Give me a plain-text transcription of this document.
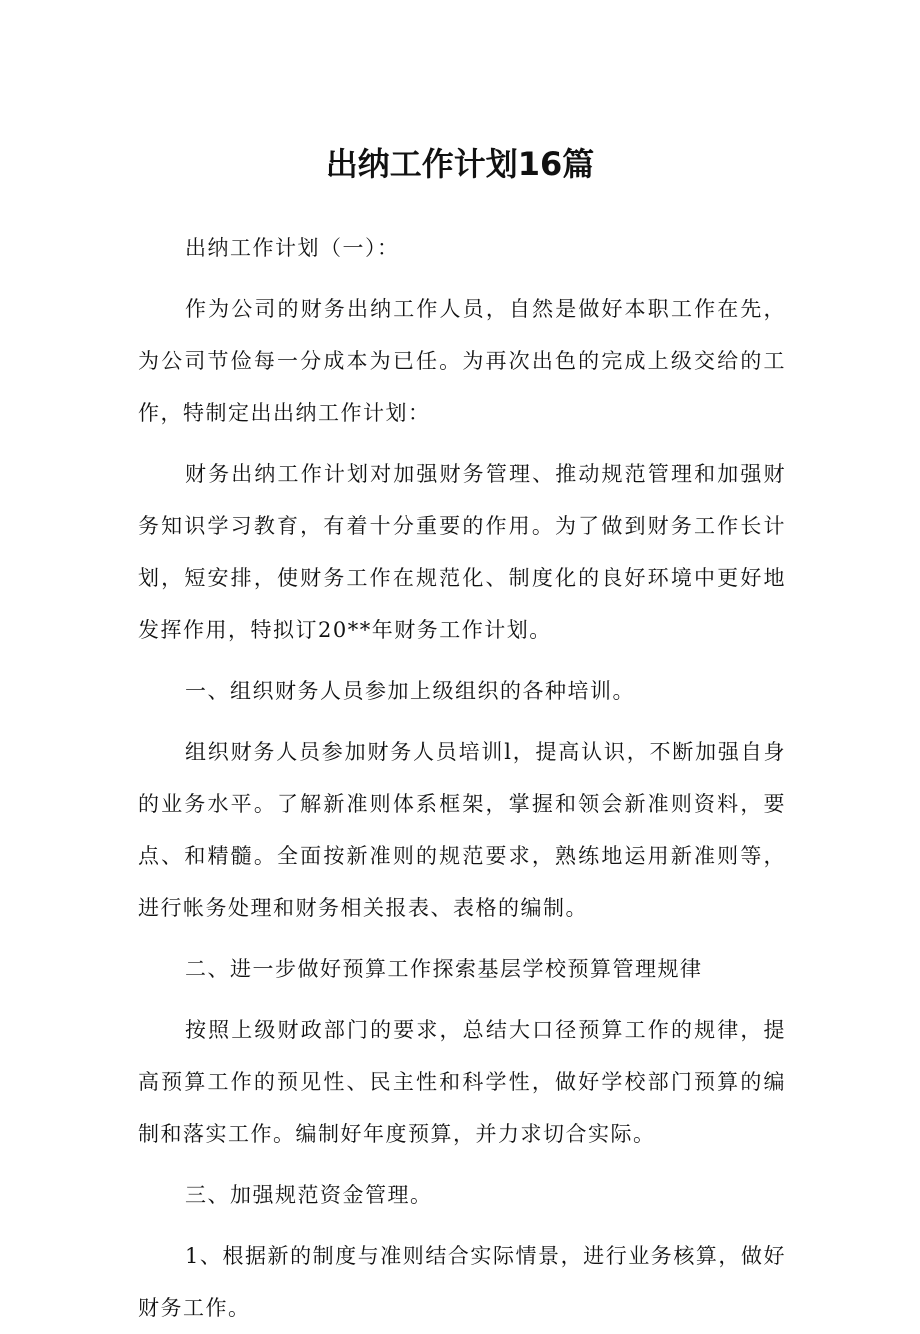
出纳工作计划16篇

出纳工作计划（一）：

作为公司的财务出纳工作人员，自然是做好本职工作在先，为公司节俭每一分成本为已任。为再次出色的完成上级交给的工作，特制定出出纳工作计划：

财务出纳工作计划对加强财务管理、推动规范管理和加强财务知识学习教育，有着十分重要的作用。为了做到财务工作长计划，短安排，使财务工作在规范化、制度化的良好环境中更好地发挥作用，特拟订20**年财务工作计划。

一、组织财务人员参加上级组织的各种培训。

组织财务人员参加财务人员培训l，提高认识，不断加强自身的业务水平。了解新准则体系框架，掌握和领会新准则资料，要点、和精髓。全面按新准则的规范要求，熟练地运用新准则等，进行帐务处理和财务相关报表、表格的编制。

二、进一步做好预算工作探索基层学校预算管理规律

按照上级财政部门的要求，总结大口径预算工作的规律，提高预算工作的预见性、民主性和科学性，做好学校部门预算的编制和落实工作。编制好年度预算，并力求切合实际。

三、加强规范资金管理。

1、根据新的制度与准则结合实际情景，进行业务核算，做好财务工作。
